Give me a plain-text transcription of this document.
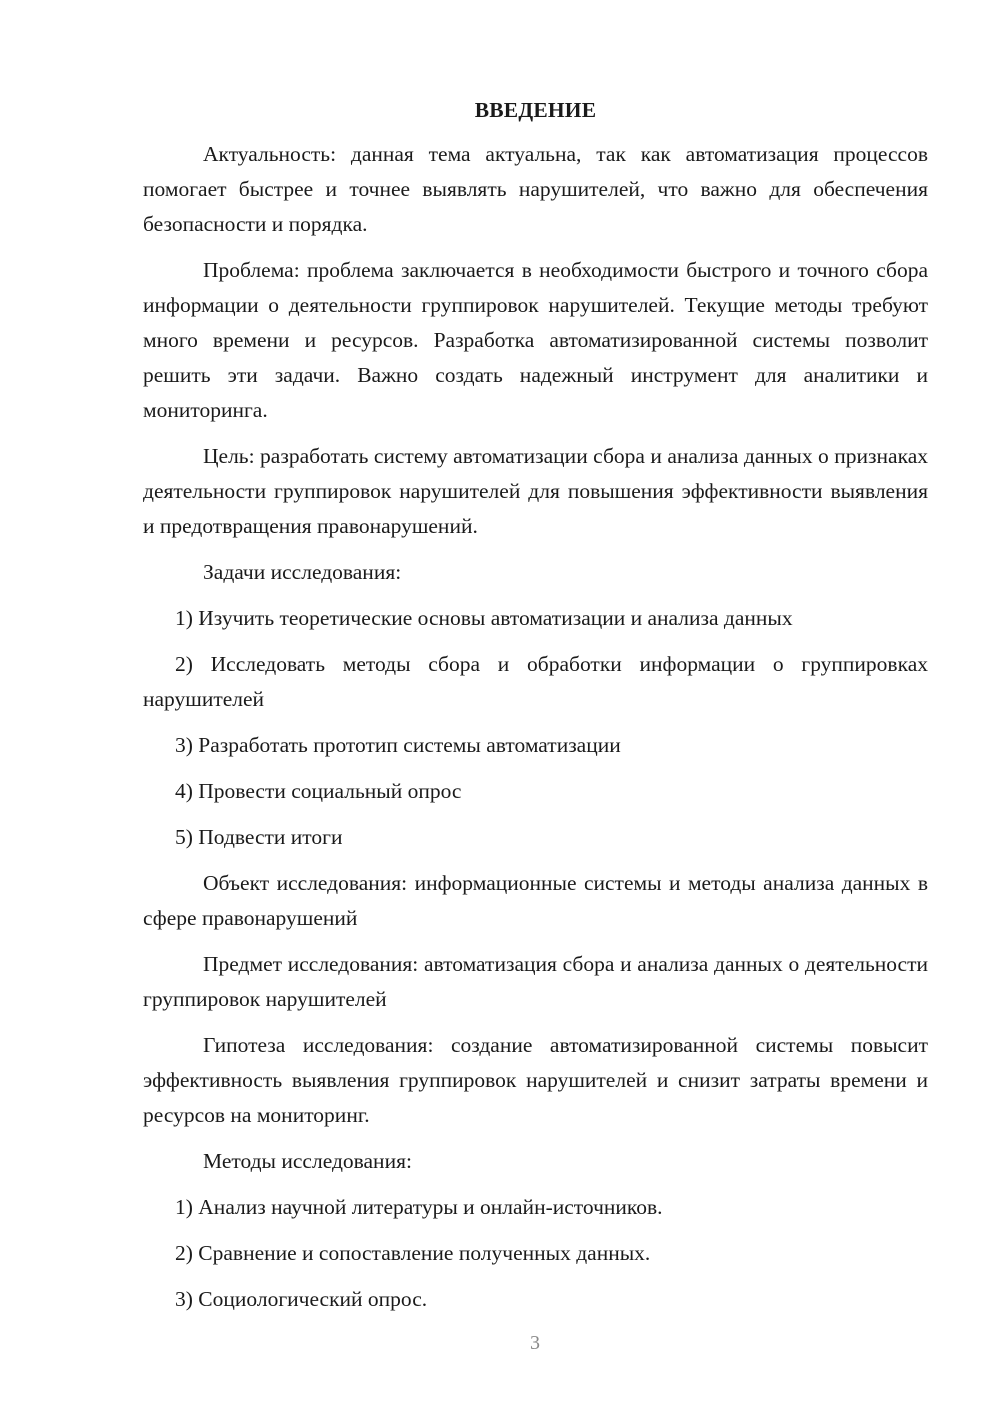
ВВЕДЕНИЕ
Актуальность: данная тема актуальна, так как автоматизация процессов помогает быстрее и точнее выявлять нарушителей, что важно для обеспечения безопасности и порядка.
Проблема: проблема заключается в необходимости быстрого и точного сбора информации о деятельности группировок нарушителей. Текущие методы требуют много времени и ресурсов. Разработка автоматизированной системы позволит решить эти задачи. Важно создать надежный инструмент для аналитики и мониторинга.
Цель: разработать систему автоматизации сбора и анализа данных о признаках деятельности группировок нарушителей для повышения эффективности выявления и предотвращения правонарушений.
Задачи исследования:
1) Изучить теоретические основы автоматизации и анализа данных
2) Исследовать методы сбора и обработки информации о группировках нарушителей
3) Разработать прототип системы автоматизации
4) Провести социальный опрос
5) Подвести итоги
Объект исследования: информационные системы и методы анализа данных в сфере правонарушений
Предмет исследования: автоматизация сбора и анализа данных о деятельности группировок нарушителей
Гипотеза исследования: создание автоматизированной системы повысит эффективность выявления группировок нарушителей и снизит затраты времени и ресурсов на мониторинг.
Методы исследования:
1) Анализ научной литературы и онлайн-источников.
2) Сравнение и сопоставление полученных данных.
3) Социологический опрос.
3
